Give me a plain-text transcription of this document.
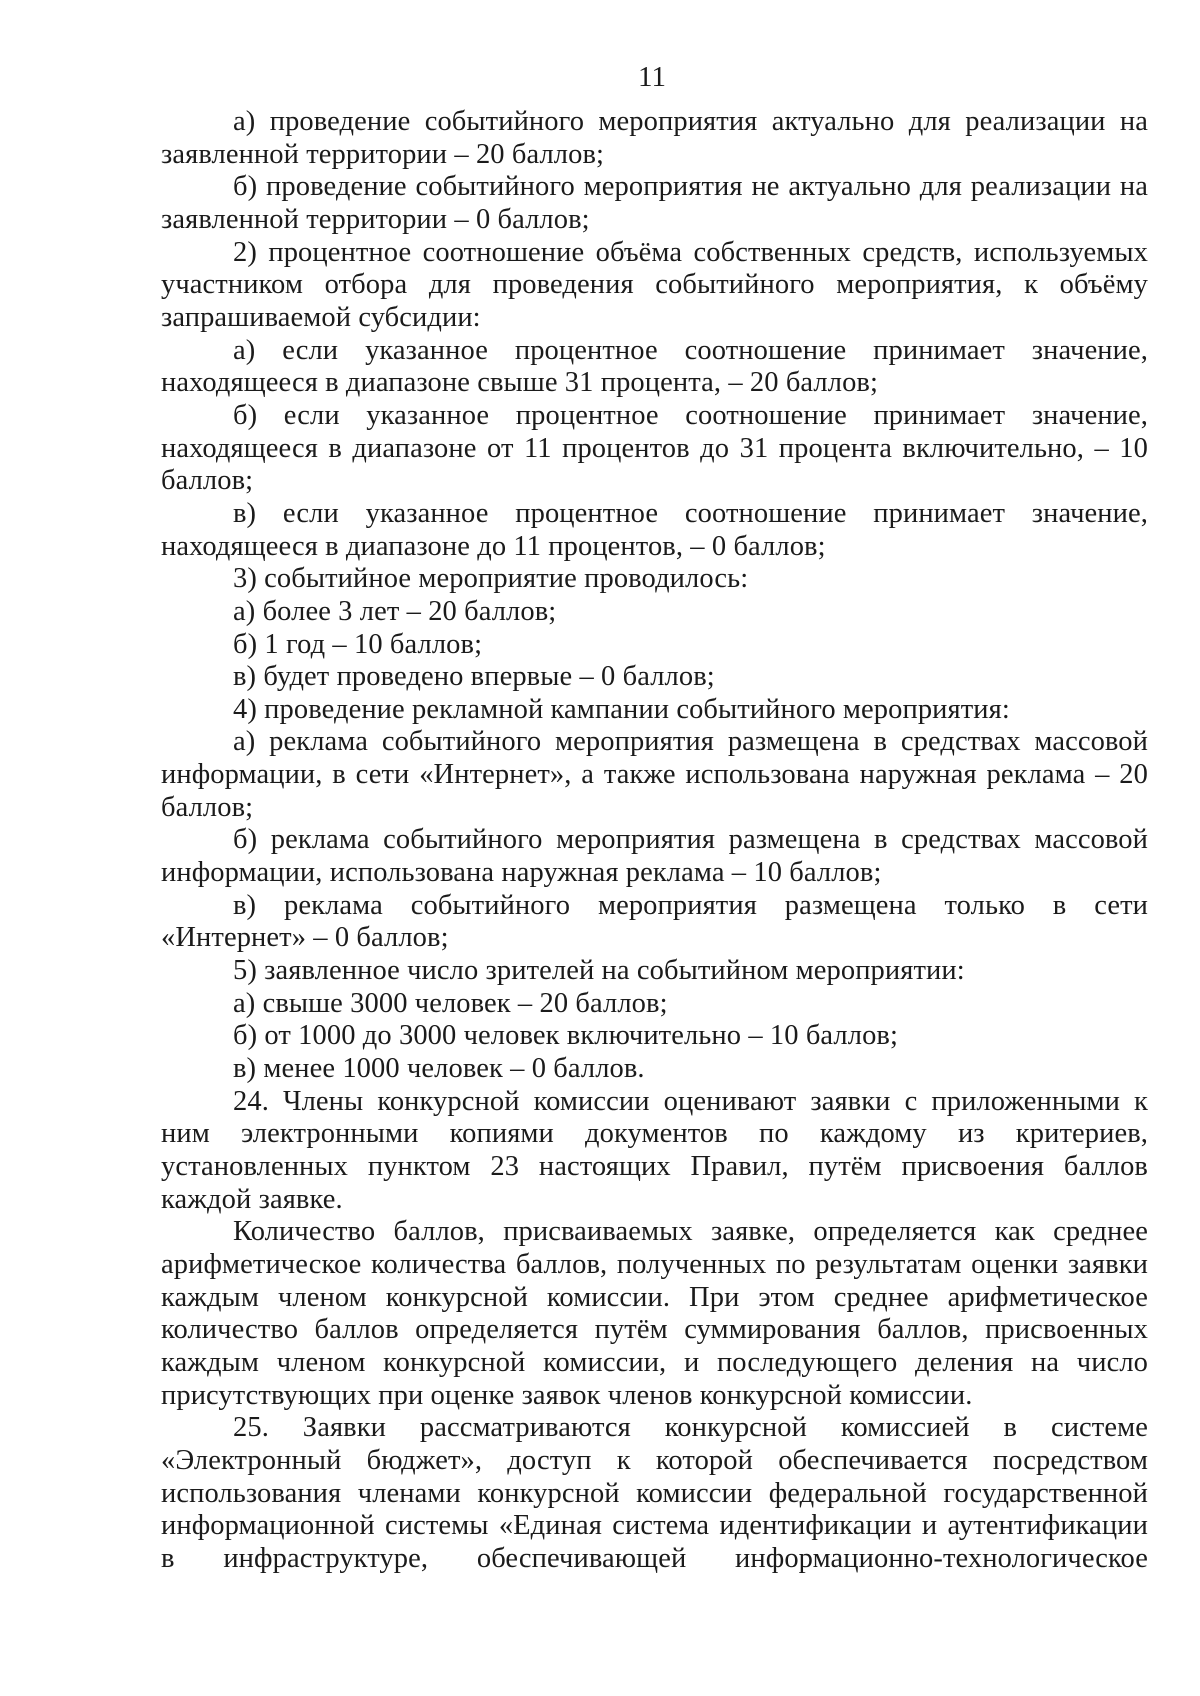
11

а) проведение событийного мероприятия актуально для реализации на заявленной территории – 20 баллов;

б) проведение событийного мероприятия не актуально для реализации на заявленной территории – 0 баллов;

2) процентное соотношение объёма собственных средств, используемых участником отбора для проведения событийного мероприятия, к объёму запрашиваемой субсидии:

а) если указанное процентное соотношение принимает значение, находящееся в диапазоне свыше 31 процента, – 20 баллов;

б) если указанное процентное соотношение принимает значение, находящееся в диапазоне от 11 процентов до 31 процента включительно, – 10 баллов;

в) если указанное процентное соотношение принимает значение, находящееся в диапазоне до 11 процентов, – 0 баллов;

3) событийное мероприятие проводилось:

а) более 3 лет – 20 баллов;

б) 1 год – 10 баллов;

в) будет проведено впервые – 0 баллов;

4) проведение рекламной кампании событийного мероприятия:

а) реклама событийного мероприятия размещена в средствах массовой информации, в сети «Интернет», а также использована наружная реклама – 20 баллов;

б) реклама событийного мероприятия размещена в средствах массовой информации, использована наружная реклама – 10 баллов;

в) реклама событийного мероприятия размещена только в сети «Интернет» – 0 баллов;

5) заявленное число зрителей на событийном мероприятии:

а) свыше 3000 человек – 20 баллов;

б) от 1000 до 3000 человек включительно – 10 баллов;

в) менее 1000 человек – 0 баллов.

24. Члены конкурсной комиссии оценивают заявки с приложенными к ним электронными копиями документов по каждому из критериев, установленных пунктом 23 настоящих Правил, путём присвоения баллов каждой заявке.

Количество баллов, присваиваемых заявке, определяется как среднее арифметическое количества баллов, полученных по результатам оценки заявки каждым членом конкурсной комиссии. При этом среднее арифметическое количество баллов определяется путём суммирования баллов, присвоенных каждым членом конкурсной комиссии, и последующего деления на число присутствующих при оценке заявок членов конкурсной комиссии.

25. Заявки рассматриваются конкурсной комиссией в системе «Электронный бюджет», доступ к которой обеспечивается посредством использования членами конкурсной комиссии федеральной государственной информационной системы «Единая система идентификации и аутентификации в инфраструктуре, обеспечивающей информационно-технологическое
